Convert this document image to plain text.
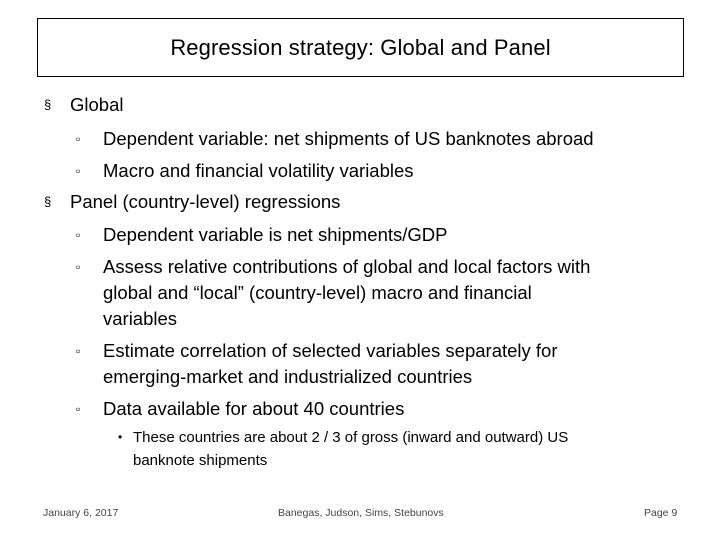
Regression strategy: Global and Panel
§ Global
▫ Dependent variable: net shipments of US banknotes abroad
▫ Macro and financial volatility variables
§ Panel (country-level) regressions
▫ Dependent variable is net shipments/GDP
▫ Assess relative contributions of global and local factors with
global and “local” (country-level) macro and financial
variables
▫ Estimate correlation of selected variables separately for
emerging-market and industrialized countries
▫ Data available for about 40 countries
• These countries are about 2 / 3 of gross (inward and outward) US
banknote shipments
January 6, 2017	Banegas, Judson, Sims, Stebunovs	Page 9
